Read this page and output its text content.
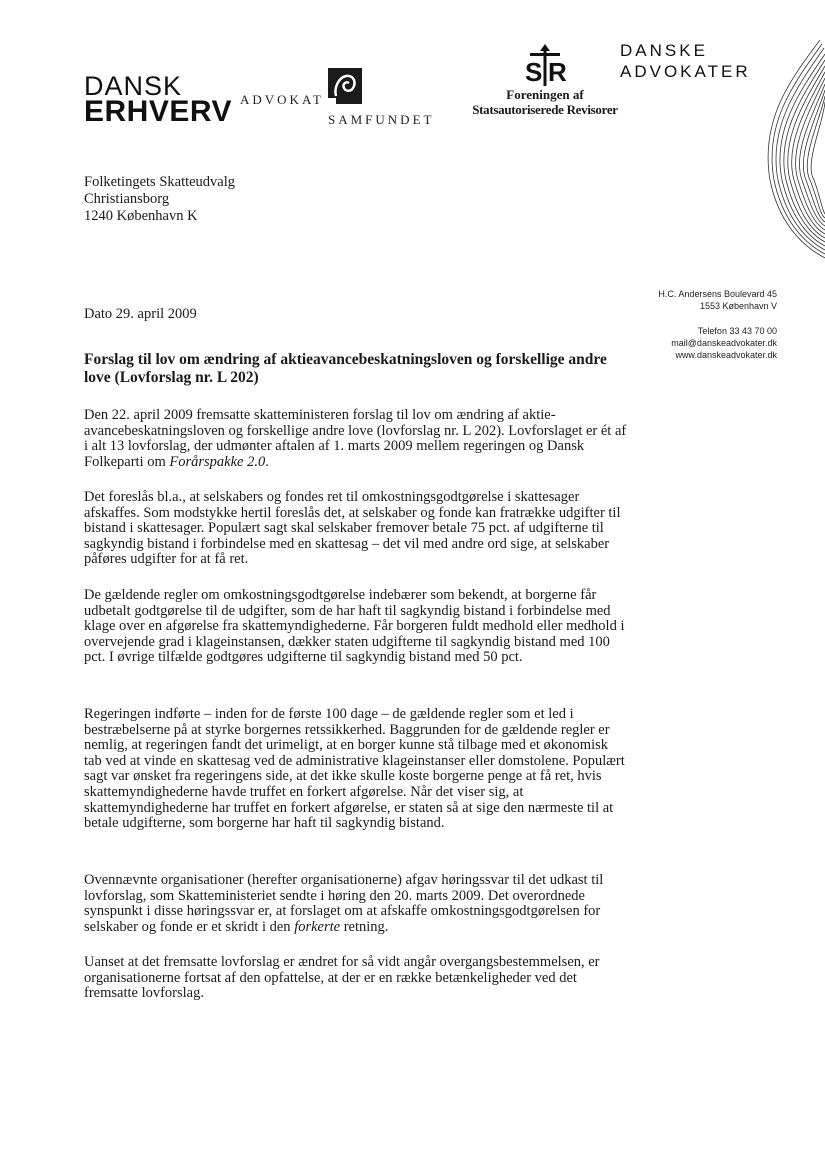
DANSK
ERHVERV ADVOKAT
SAMFUNDET
S R
Foreningen af
Statsautoriserede Revisorer
DANSKE
ADVOKATER
Folketingets Skatteudvalg
Christiansborg
1240 København K
H.C. Andersens Boulevard 45
1553 København V
Telefon 33 43 70 00
mail@danskeadvokater.dk
www.danskeadvokater.dk
Dato 29. april 2009
Forslag til lov om ændring af aktieavancebeskatningsloven og forskellige andre love (Lovforslag nr. L 202)

Den 22. april 2009 fremsatte skatteministeren forslag til lov om ændring af aktie-avancebeskatningsloven og forskellige andre love (lovforslag nr. L 202). Lovforslaget er ét af i alt 13 lovforslag, der udmønter aftalen af 1. marts 2009 mellem regeringen og Dansk Folkeparti om Forårspakke 2.0.

Det foreslås bl.a., at selskabers og fondes ret til omkostningsgodtgørelse i skattesager afskaffes. Som modstykke hertil foreslås det, at selskaber og fonde kan fratrække udgifter til bistand i skattesager. Populært sagt skal selskaber fremover betale 75 pct. af udgifterne til sagkyndig bistand i forbindelse med en skattesag – det vil med andre ord sige, at selskaber påføres udgifter for at få ret.

De gældende regler om omkostningsgodtgørelse indebærer som bekendt, at borgerne får udbetalt godtgørelse til de udgifter, som de har haft til sagkyndig bistand i forbindelse med klage over en afgørelse fra skattemyndighederne. Får borgeren fuldt medhold eller medhold i overvejende grad i klageinstansen, dækker staten udgifterne til sagkyndig bistand med 100 pct. I øvrige tilfælde godtgøres udgifterne til sagkyndig bistand med 50 pct.

Regeringen indførte – inden for de første 100 dage – de gældende regler som et led i bestræbelserne på at styrke borgernes retssikkerhed. Baggrunden for de gældende regler er nemlig, at regeringen fandt det urimeligt, at en borger kunne stå tilbage med et økonomisk tab ved at vinde en skattesag ved de administrative klageinstanser eller domstolene. Populært sagt var ønsket fra regeringens side, at det ikke skulle koste borgerne penge at få ret, hvis skattemyndighederne havde truffet en forkert afgørelse. Når det viser sig, at skattemyndighederne har truffet en forkert afgørelse, er staten så at sige den nærmeste til at betale udgifterne, som borgerne har haft til sagkyndig bistand.

Ovennævnte organisationer (herefter organisationerne) afgav høringssvar til det udkast til lovforslag, som Skatteministeriet sendte i høring den 20. marts 2009. Det overordnede synspunkt i disse høringssvar er, at forslaget om at afskaffe omkostningsgodtgørelsen for selskaber og fonde er et skridt i den forkerte retning.

Uanset at det fremsatte lovforslag er ændret for så vidt angår overgangsbestemmelsen, er organisationerne fortsat af den opfattelse, at der er en række betænkeligheder ved det fremsatte lovforslag.
